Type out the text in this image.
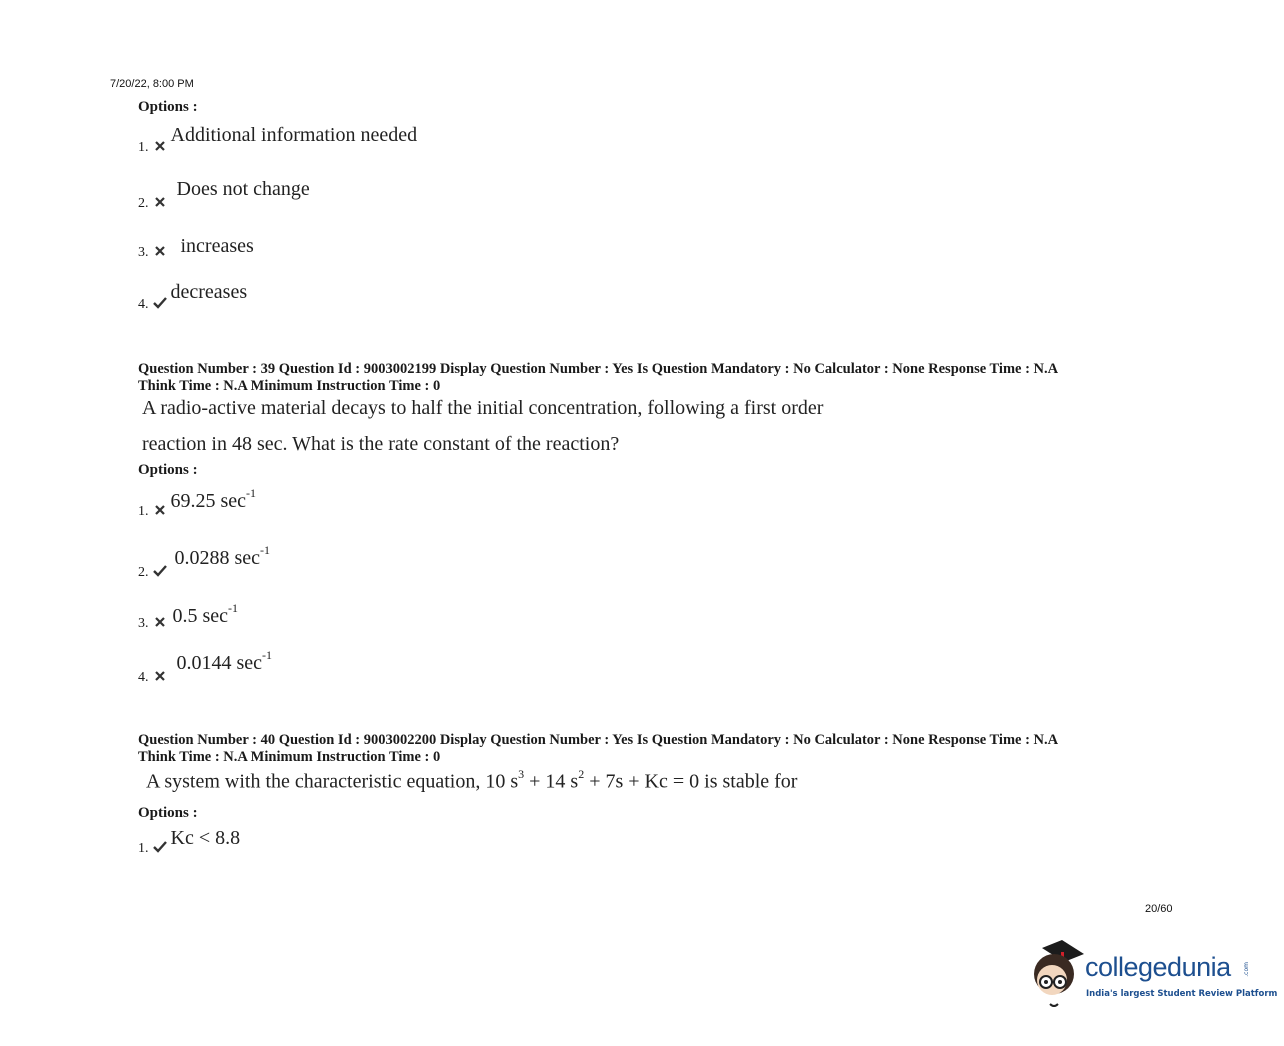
7/20/22, 8:00 PM
Options :
1.  Additional information needed
2.  Does not change
3. increases
4.  decreases
Question Number : 39 Question Id : 9003002199 Display Question Number : Yes Is Question Mandatory : No Calculator : None Response Time : N.A
Think Time : N.A Minimum Instruction Time : 0
A radio-active material decays to half the initial concentration, following a first order
reaction in 48 sec. What is the rate constant of the reaction?
Options :
1. 69.25 $\sec^{-1}$
2.  0.0288 $\sec^{-1}$
3. 0.5 $\sec^{-1}$
4.  0.0144 $\sec^{-1}$
Question Number : 40 Question Id : 9003002200 Display Question Number : Yes Is Question Mandatory : No Calculator : None Response Time : N.A
Think Time : N.A Minimum Instruction Time : 0
A system with the characteristic equation, 10 $s^3 + 14$ $s^2 + 7s + Kc = 0$ is stable for
Options :
1. Kc < 8.8
20/60
collegedunia .com
India's largest Student Review Platform
